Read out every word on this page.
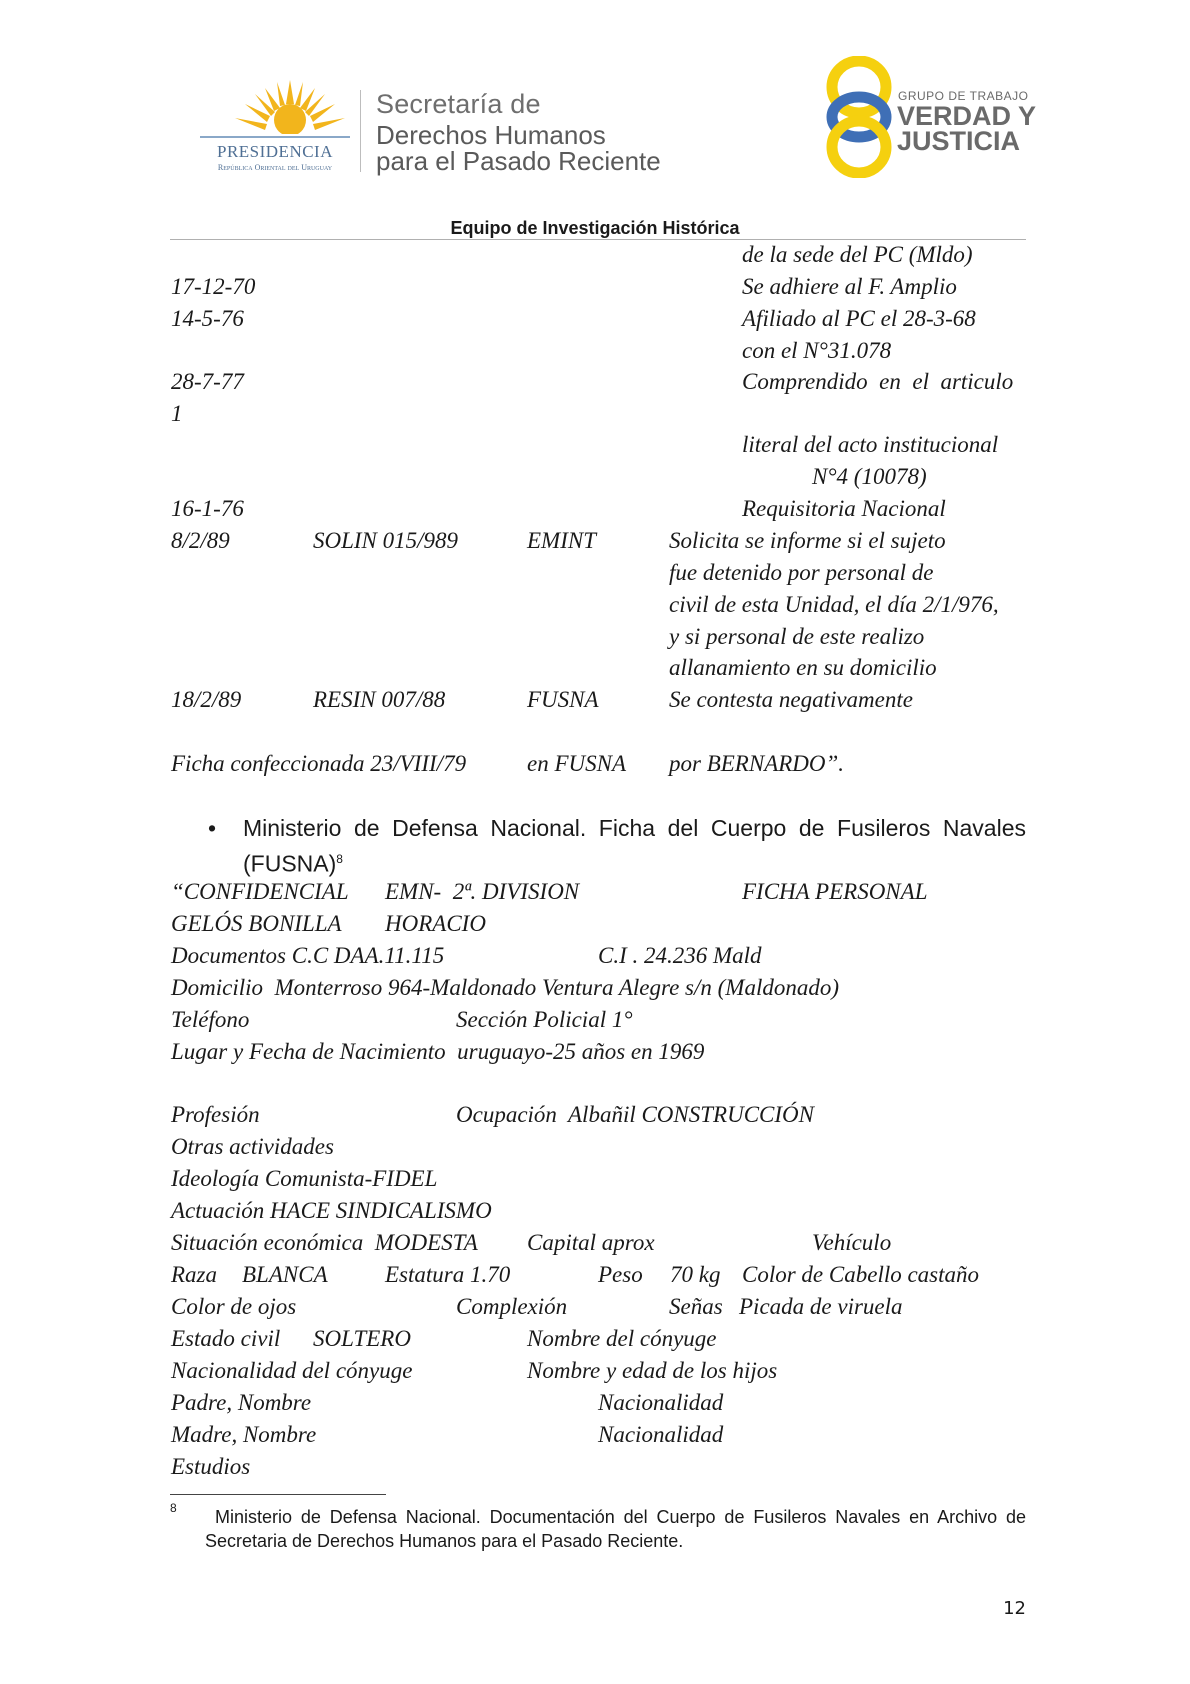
PRESIDENCIA
República Oriental del Uruguay
Secretaría de
Derechos Humanos
para el Pasado Reciente
GRUPO DE TRABAJO
VERDAD Y
JUSTICIA
Equipo de Investigación Histórica
de la sede del PC (Mldo)
17-12-70	Se adhiere al F. Amplio
14-5-76	Afiliado al PC el 28-3-68
con el N°31.078
28-7-77	Comprendido  en  el  articulo
1
literal del acto institucional
N°4 (10078)
16-1-76	Requisitoria Nacional
8/2/89	SOLIN 015/989	EMINT	Solicita se informe si el sujeto
fue detenido por personal de
civil de esta Unidad, el día 2/1/976,
y si personal de este realizo
allanamiento en su domicilio
18/2/89	RESIN 007/88	FUSNA	Se contesta negativamente
Ficha confeccionada 23/VIII/79	en FUSNA por BERNARDO”.
• Ministerio de Defensa Nacional. Ficha del Cuerpo de Fusileros Navales (FUSNA)$^8$
“CONFIDENCIAL EMN-  2ª. DIVISION	FICHA PERSONAL
GELÓS BONILLA HORACIO
Documentos C.C DAA.11.115	C.I . 24.236 Mald
Domicilio  Monterroso 964-Maldonado Ventura Alegre s/n (Maldonado)
Teléfono	Sección Policial 1°
Lugar y Fecha de Nacimiento  uruguayo-25 años en 1969
Profesión	Ocupación  Albañil CONSTRUCCIÓN
Otras actividades
Ideología Comunista-FIDEL
Actuación HACE SINDICALISMO
Situación económica  MODESTA Capital aprox	Vehículo
Raza BLANCA Estatura 1.70	Peso 70 kg Color de Cabello castaño
Color de ojos	Complexión	Señas Picada de viruela
Estado civil SOLTERO	Nombre del cónyuge
Nacionalidad del cónyuge	Nombre y edad de los hijos
Padre, Nombre	Nacionalidad
Madre, Nombre	Nacionalidad
Estudios
8	Ministerio de Defensa Nacional. Documentación del Cuerpo de Fusileros Navales en Archivo de Secretaria de Derechos Humanos para el Pasado Reciente.
12
